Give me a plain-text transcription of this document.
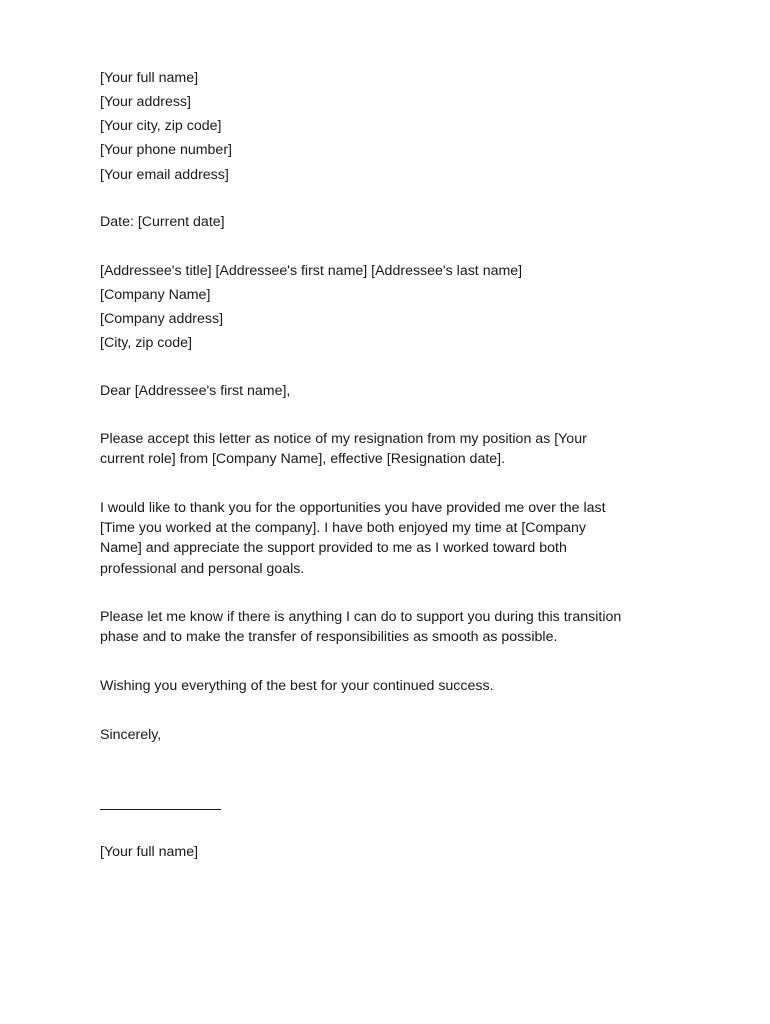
[Your full name]

[Your address]

[Your city, zip code]

[Your phone number]

[Your email address]

Date: [Current date]

[Addressee's title] [Addressee's first name] [Addressee's last name]

[Company Name]

[Company address]

[City, zip code]

Dear [Addressee's first name],

Please accept this letter as notice of my resignation from my position as [Your

current role] from [Company Name], effective [Resignation date].

I would like to thank you for the opportunities you have provided me over the last

[Time you worked at the company]. I have both enjoyed my time at [Company

Name] and appreciate the support provided to me as I worked toward both

professional and personal goals.

Please let me know if there is anything I can do to support you during this transition

phase and to make the transfer of responsibilities as smooth as possible.

Wishing you everything of the best for your continued success.

Sincerely,

[Your full name]
